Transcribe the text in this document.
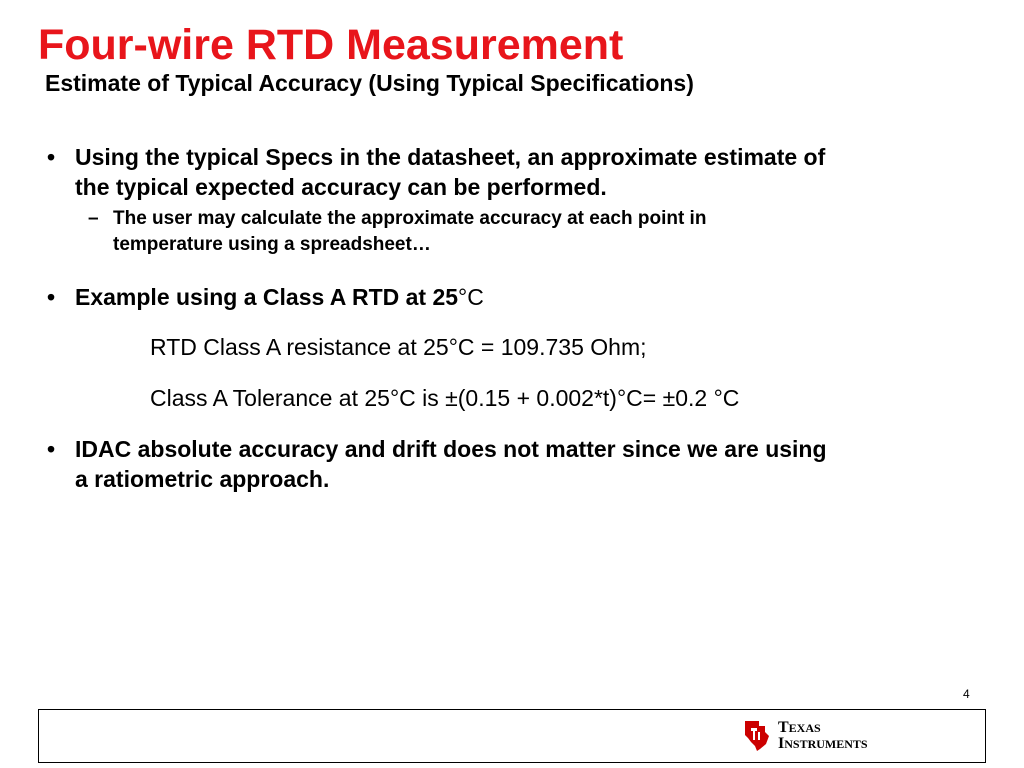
Four-wire RTD Measurement
Estimate of Typical Accuracy (Using Typical Specifications)
• Using the typical Specs in the datasheet, an approximate estimate of
the typical expected accuracy can be performed.
– The user may calculate the approximate accuracy at each point in
temperature using a spreadsheet…
• Example using a Class A RTD at 25°C
RTD Class A resistance at 25°C = 109.735 Ohm;
Class A Tolerance at 25°C is ±(0.15 + 0.002*t)°C= ±0.2 °C
• IDAC absolute accuracy and drift does not matter since we are using
a ratiometric approach.
4
TEXAS
INSTRUMENTS
